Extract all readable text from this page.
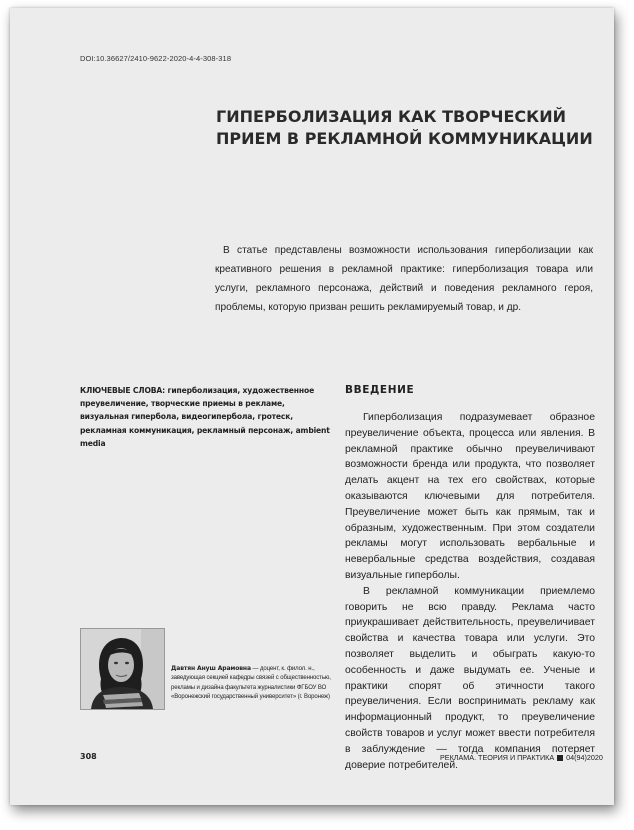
DOI:10.36627/2410-9622-2020-4-4-308-318
ГИПЕРБОЛИЗАЦИЯ КАК ТВОРЧЕСКИЙ ПРИЕМ В РЕКЛАМНОЙ КОММУНИКАЦИИ

В статье представлены возможности использования гиперболизации как креативного решения в рекламной практике: гиперболизация товара или услуги, рекламного персонажа, действий и поведения рекламного героя, проблемы, которую призван решить рекламируемый товар, и др.

КЛЮЧЕВЫЕ СЛОВА: гиперболизация, художественное преувеличение, творческие приемы в рекламе, визуальная гипербола, видеогипербола, гротеск, рекламная коммуникация, рекламный персонаж, ambient media

ВВЕДЕНИЕ

Гиперболизация подразумевает образное преувеличение объекта, процесса или явления. В рекламной практике обычно преувеличивают возможности бренда или продукта, что позволяет делать акцент на тех его свойствах, которые оказываются ключевыми для потребителя. Преувеличение может быть как прямым, так и образным, художественным. При этом создатели рекламы могут использовать вербальные и невербальные средства воздействия, создавая визуальные гиперболы.

В рекламной коммуникации приемлемо говорить не всю правду. Реклама часто приукрашивает действительность, преувеличивает свойства и качества товара или услуги. Это позволяет выделить и обыграть какую-то особенность и даже выдумать ее. Ученые и практики спорят об этичности такого преувеличения. Если воспринимать рекламу как информационный продукт, то преувеличение свойств товаров и услуг может ввести потребителя в заблуждение — тогда компания потеряет доверие потребителей.

Давтян Ануш Арамовна — доцент, к. филол. н., заведующая секцией кафедры связей с общественностью, рекламы и дизайна факультета журналистики ФГБОУ ВО «Воронежский государственный университет» (г. Воронеж)

308	РЕКЛАМА. ТЕОРИЯ И ПРАКТИКА 04(94)2020
